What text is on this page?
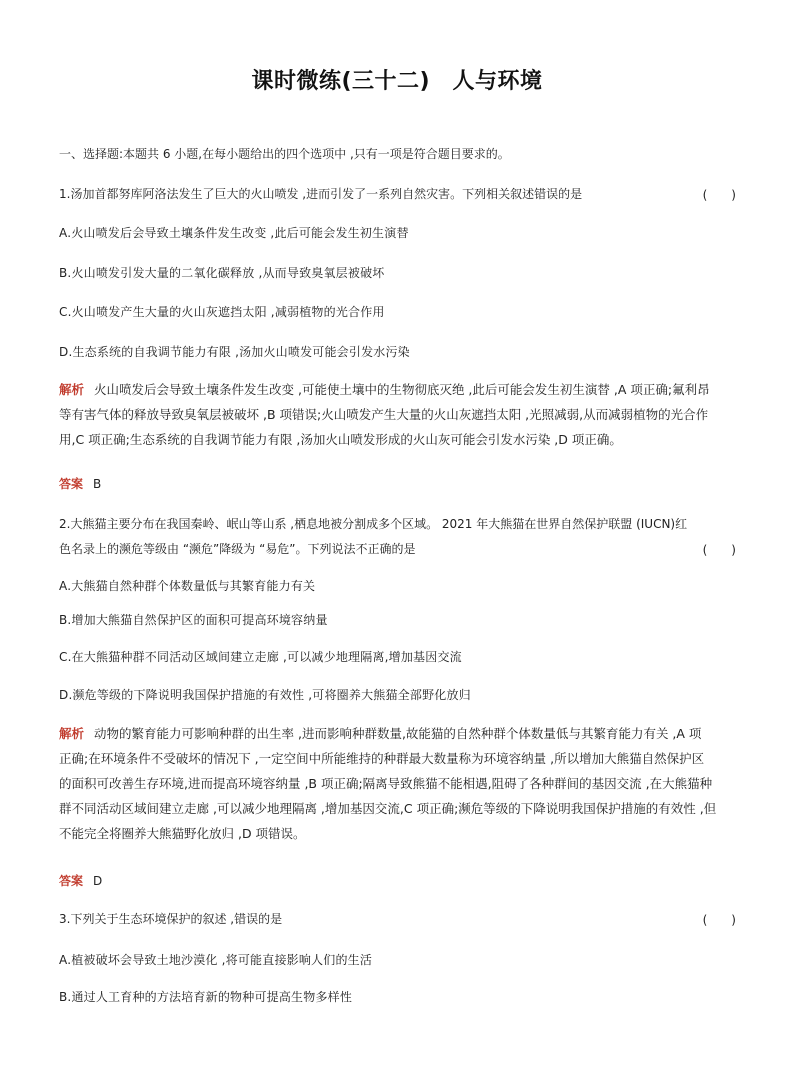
课时微练(三十二)　人与环境
一、选择题:本题共 6 小题,在每小题给出的四个选项中 ,只有一项是符合题目要求的。
1.汤加首都努库阿洛法发生了巨大的火山喷发 ,进而引发了一系列自然灾害。下列相关叙述错误的是	(　　)
A.火山喷发后会导致土壤条件发生改变 ,此后可能会发生初生演替
B.火山喷发引发大量的二氧化碳释放 ,从而导致臭氧层被破坏
C.火山喷发产生大量的火山灰遮挡太阳 ,减弱植物的光合作用
D.生态系统的自我调节能力有限 ,汤加火山喷发可能会引发水污染
解析 火山喷发后会导致土壤条件发生改变 ,可能使土壤中的生物彻底灭绝 ,此后可能会发生初生演替 ,A 项正确;氟利昂
等有害气体的释放导致臭氧层被破坏 ,B 项错误;火山喷发产生大量的火山灰遮挡太阳 ,光照减弱,从而减弱植物的光合作
用,C 项正确;生态系统的自我调节能力有限 ,汤加火山喷发形成的火山灰可能会引发水污染 ,D 项正确。
答案 B
2.大熊猫主要分布在我国秦岭、岷山等山系 ,栖息地被分割成多个区域。 2021 年大熊猫在世界自然保护联盟 (IUCN)红
色名录上的濒危等级由 “濒危”降级为 “易危”。下列说法不正确的是	(　　)
A.大熊猫自然种群个体数量低与其繁育能力有关
B.增加大熊猫自然保护区的面积可提高环境容纳量
C.在大熊猫种群不同活动区域间建立走廊 ,可以减少地理隔离,增加基因交流
D.濒危等级的下降说明我国保护措施的有效性 ,可将圈养大熊猫全部野化放归
解析 动物的繁育能力可影响种群的出生率 ,进而影响种群数量,故能猫的自然种群个体数量低与其繁育能力有关 ,A 项
正确;在环境条件不受破坏的情况下 ,一定空间中所能维持的种群最大数量称为环境容纳量 ,所以增加大熊猫自然保护区
的面积可改善生存环境,进而提高环境容纳量 ,B 项正确;隔离导致熊猫不能相遇,阻碍了各种群间的基因交流 ,在大熊猫种
群不同活动区域间建立走廊 ,可以减少地理隔离 ,增加基因交流,C 项正确;濒危等级的下降说明我国保护措施的有效性 ,但
不能完全将圈养大熊猫野化放归 ,D 项错误。
答案 D
3.下列关于生态环境保护的叙述 ,错误的是	(　　)
A.植被破坏会导致土地沙漠化 ,将可能直接影响人们的生活
B.通过人工育种的方法培育新的物种可提高生物多样性
